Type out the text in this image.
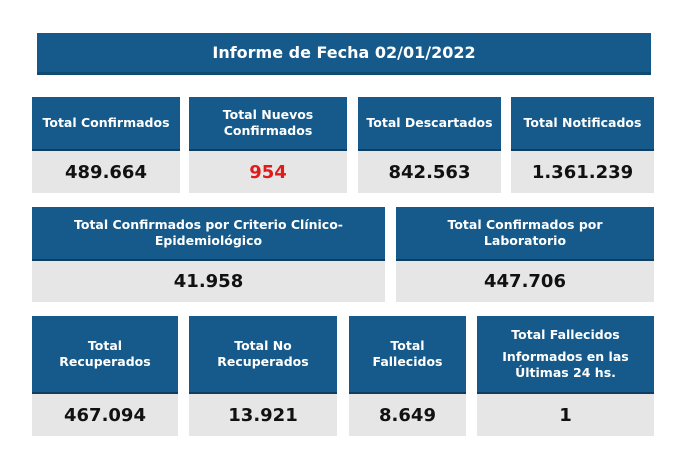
Informe de Fecha 02/01/2022
Total Confirmados
489.664
Total Nuevos Confirmados
954
Total Descartados
842.563
Total Notificados
1.361.239
Total Confirmados por Criterio Clínico-Epidemiológico
41.958
Total Confirmados por Laboratorio
447.706
Total Recuperados
467.094
Total No Recuperados
13.921
Total Fallecidos
8.649
Total Fallecidos
Informados en las Últimas 24 hs.
1
